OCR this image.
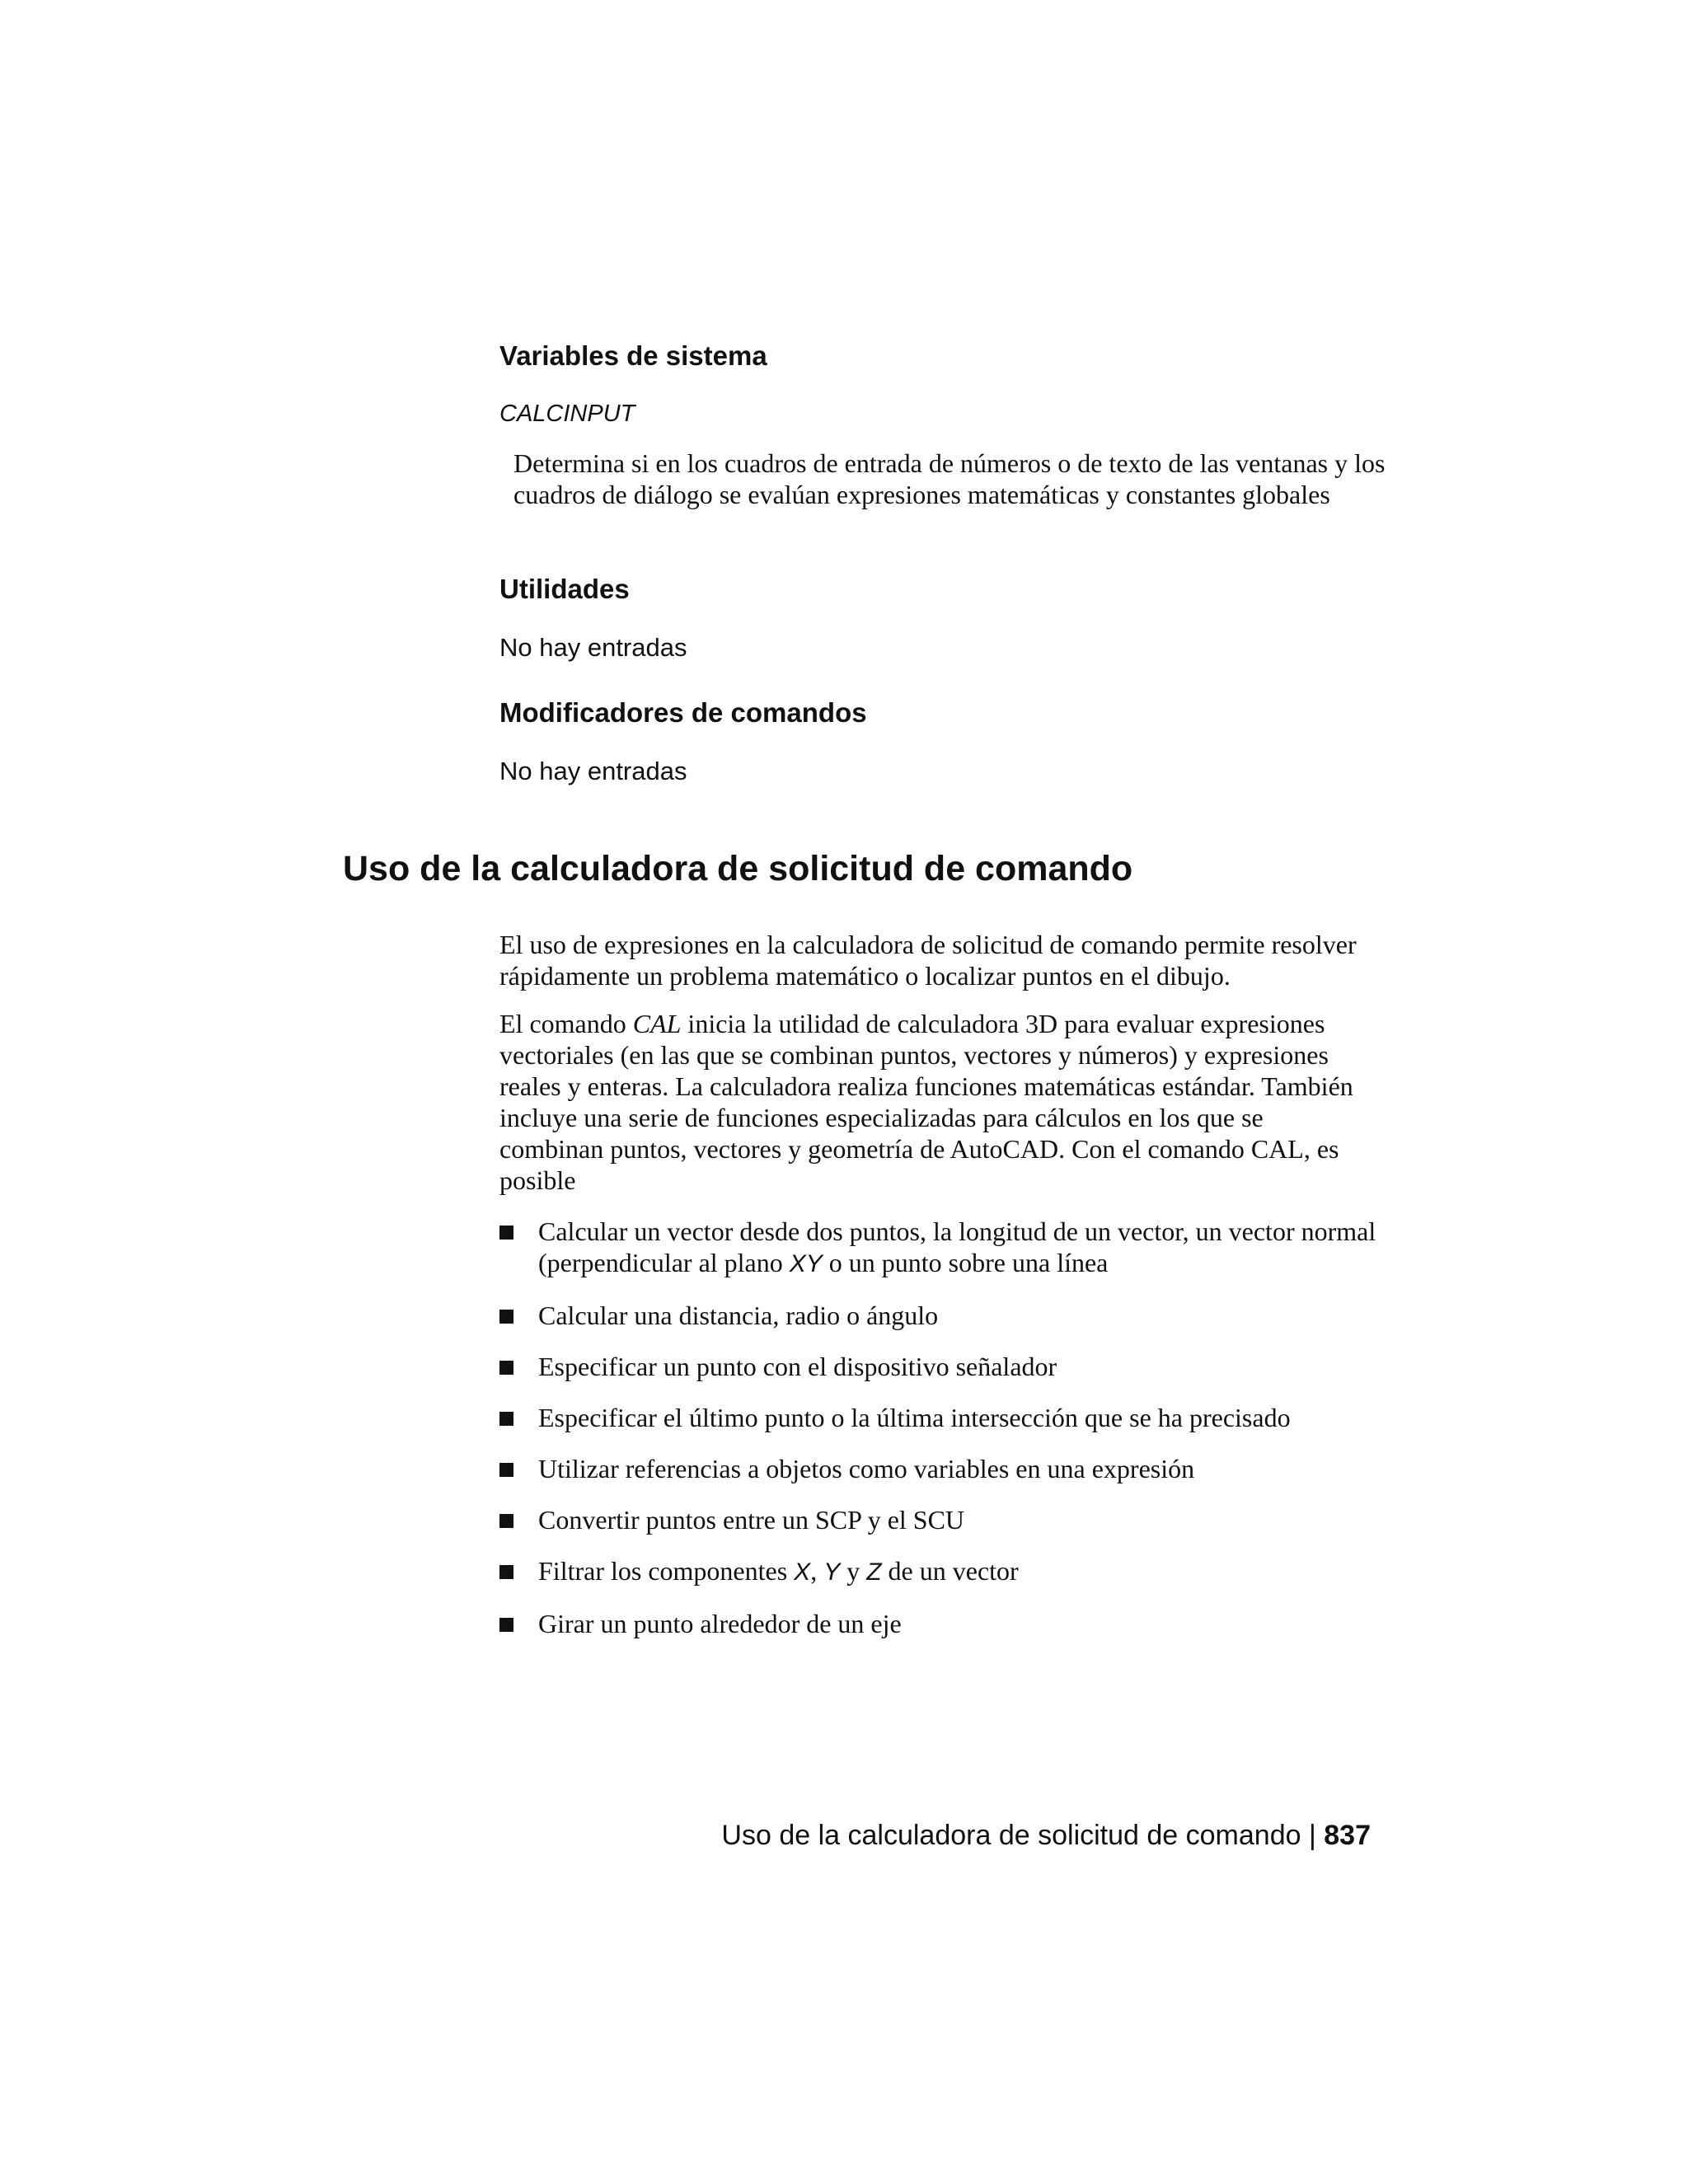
Variables de sistema
CALCINPUT
Determina si en los cuadros de entrada de números o de texto de las ventanas y los cuadros de diálogo se evalúan expresiones matemáticas y constantes globales
Utilidades
No hay entradas
Modificadores de comandos
No hay entradas
Uso de la calculadora de solicitud de comando
El uso de expresiones en la calculadora de solicitud de comando permite resolver rápidamente un problema matemático o localizar puntos en el dibujo.
El comando CAL inicia la utilidad de calculadora 3D para evaluar expresiones vectoriales (en las que se combinan puntos, vectores y números) y expresiones reales y enteras. La calculadora realiza funciones matemáticas estándar. También incluye una serie de funciones especializadas para cálculos en los que se combinan puntos, vectores y geometría de AutoCAD. Con el comando CAL, es posible
Calcular un vector desde dos puntos, la longitud de un vector, un vector normal (perpendicular al plano XY o un punto sobre una línea
Calcular una distancia, radio o ángulo
Especificar un punto con el dispositivo señalador
Especificar el último punto o la última intersección que se ha precisado
Utilizar referencias a objetos como variables en una expresión
Convertir puntos entre un SCP y el SCU
Filtrar los componentes X, Y y Z de un vector
Girar un punto alrededor de un eje
Uso de la calculadora de solicitud de comando | 837
